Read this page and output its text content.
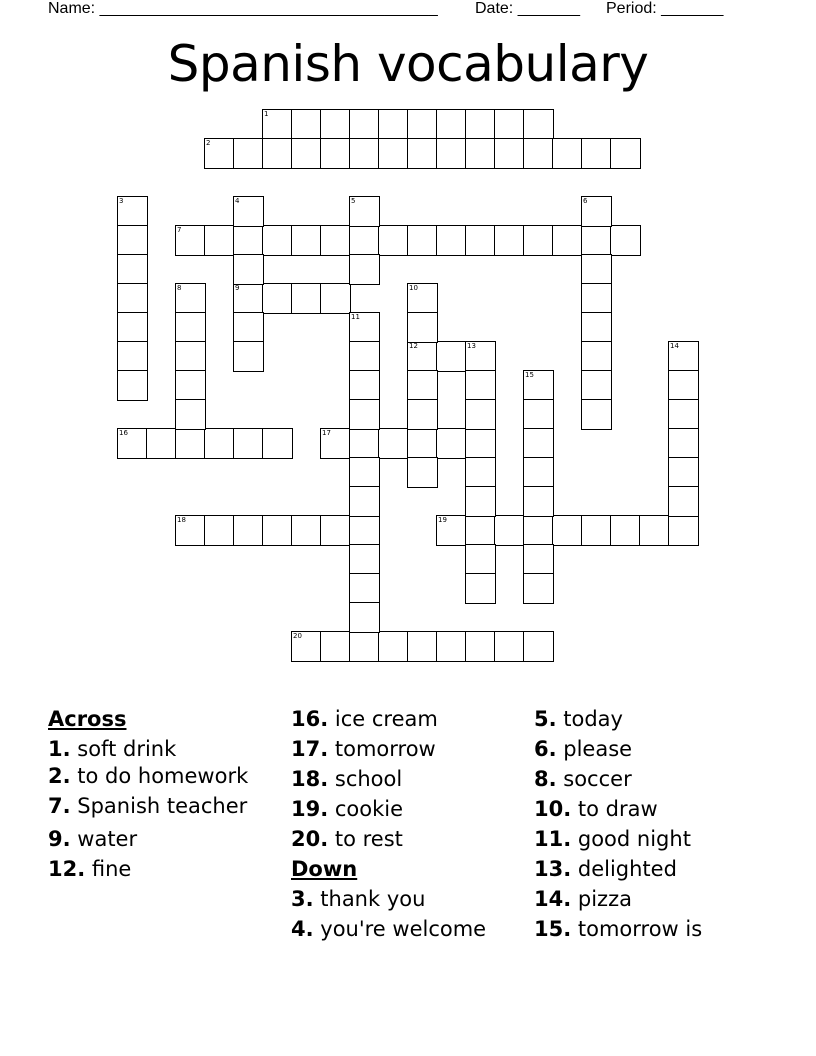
Name: ______________________________________ Date: _______ Period: _______
Spanish vocabulary
1
2
3	4	5	6
7
8	9	10
11
12	13	14
15
16	17
18	19
20
Across
1. soft drink
2. to do homework
7. Spanish teacher
9. water
12. fine
16. ice cream
17. tomorrow
18. school
19. cookie
20. to rest
Down
3. thank you
4. you're welcome
5. today
6. please
8. soccer
10. to draw
11. good night
13. delighted
14. pizza
15. tomorrow is
